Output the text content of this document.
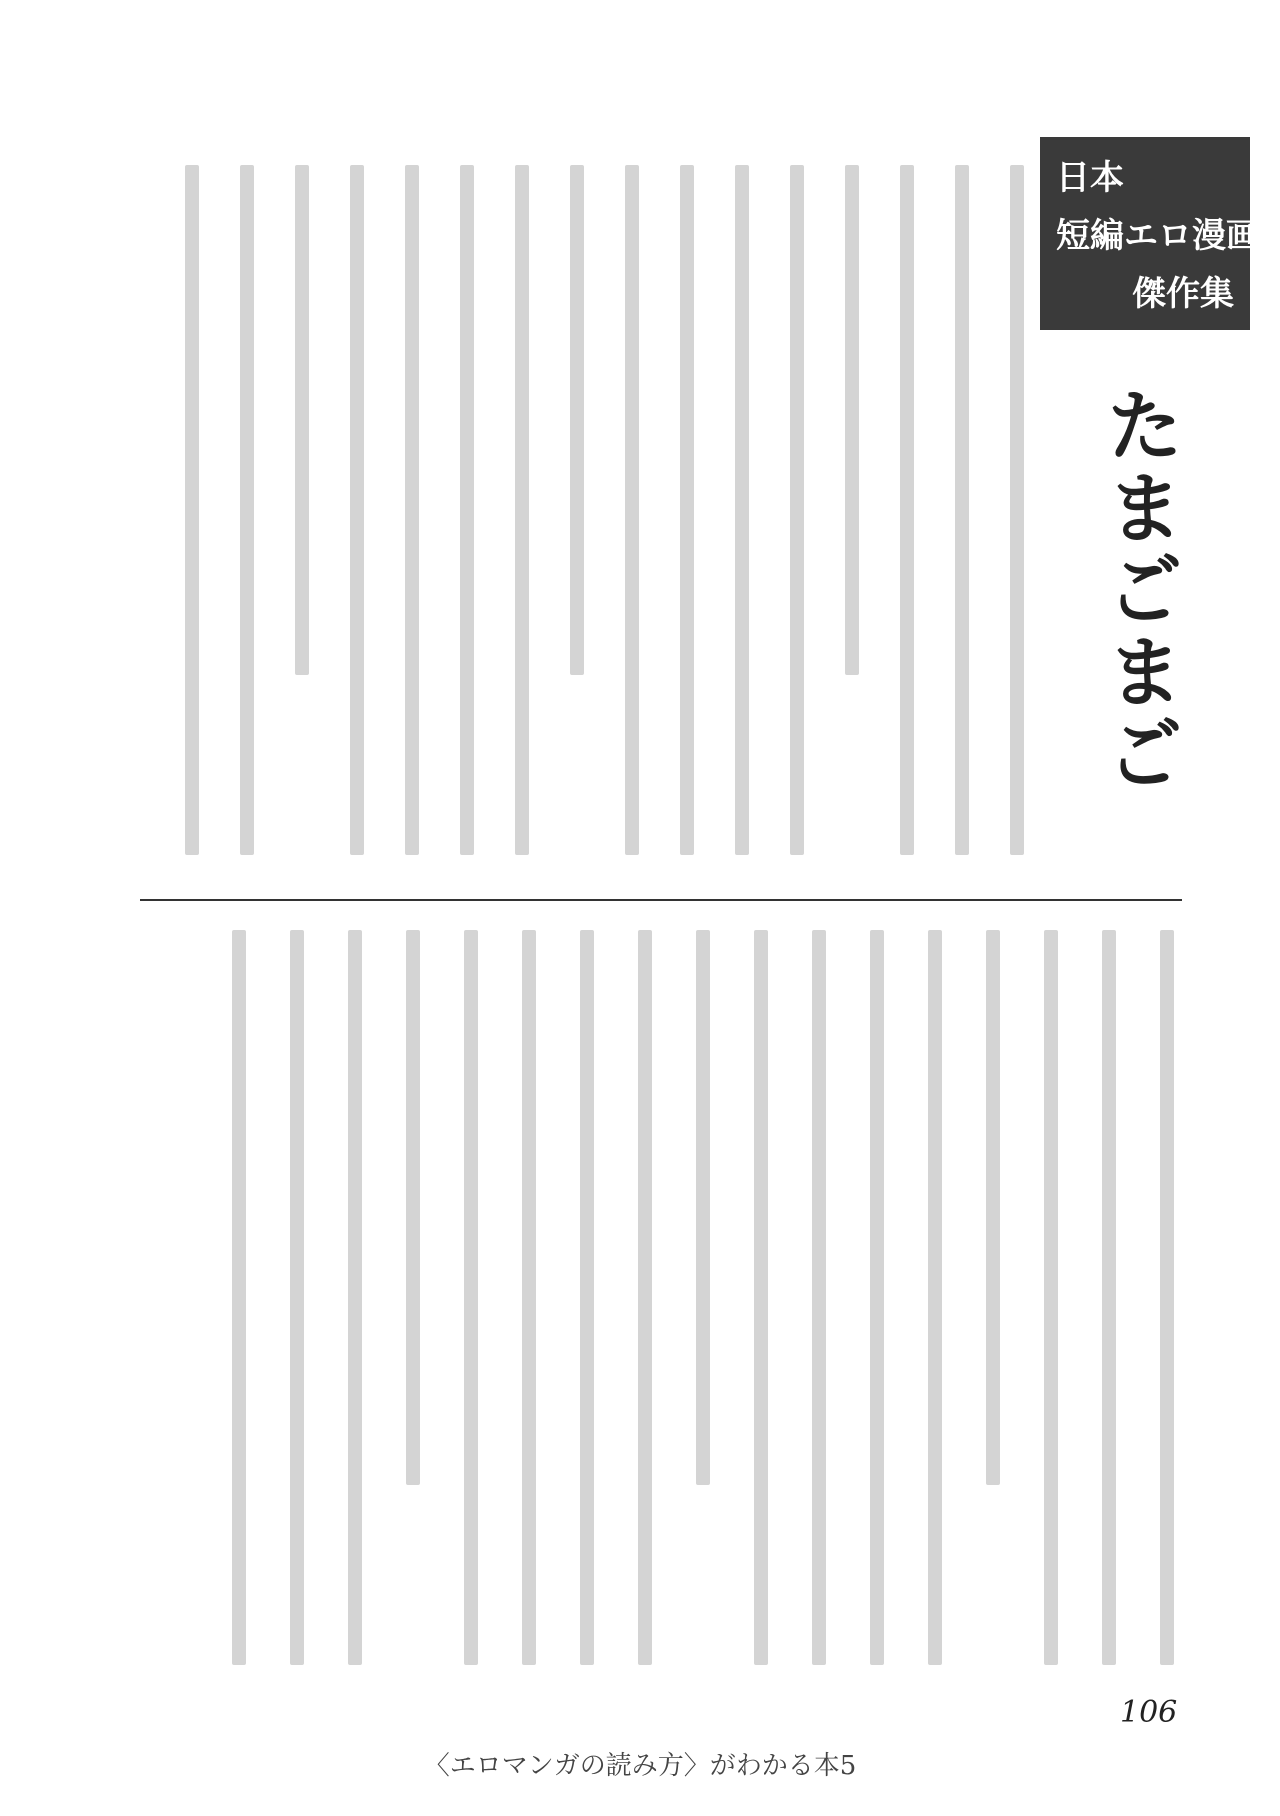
日本
短編エロ漫画
傑作集
たまごまご
106
〈エロマンガの読み方〉がわかる本5
